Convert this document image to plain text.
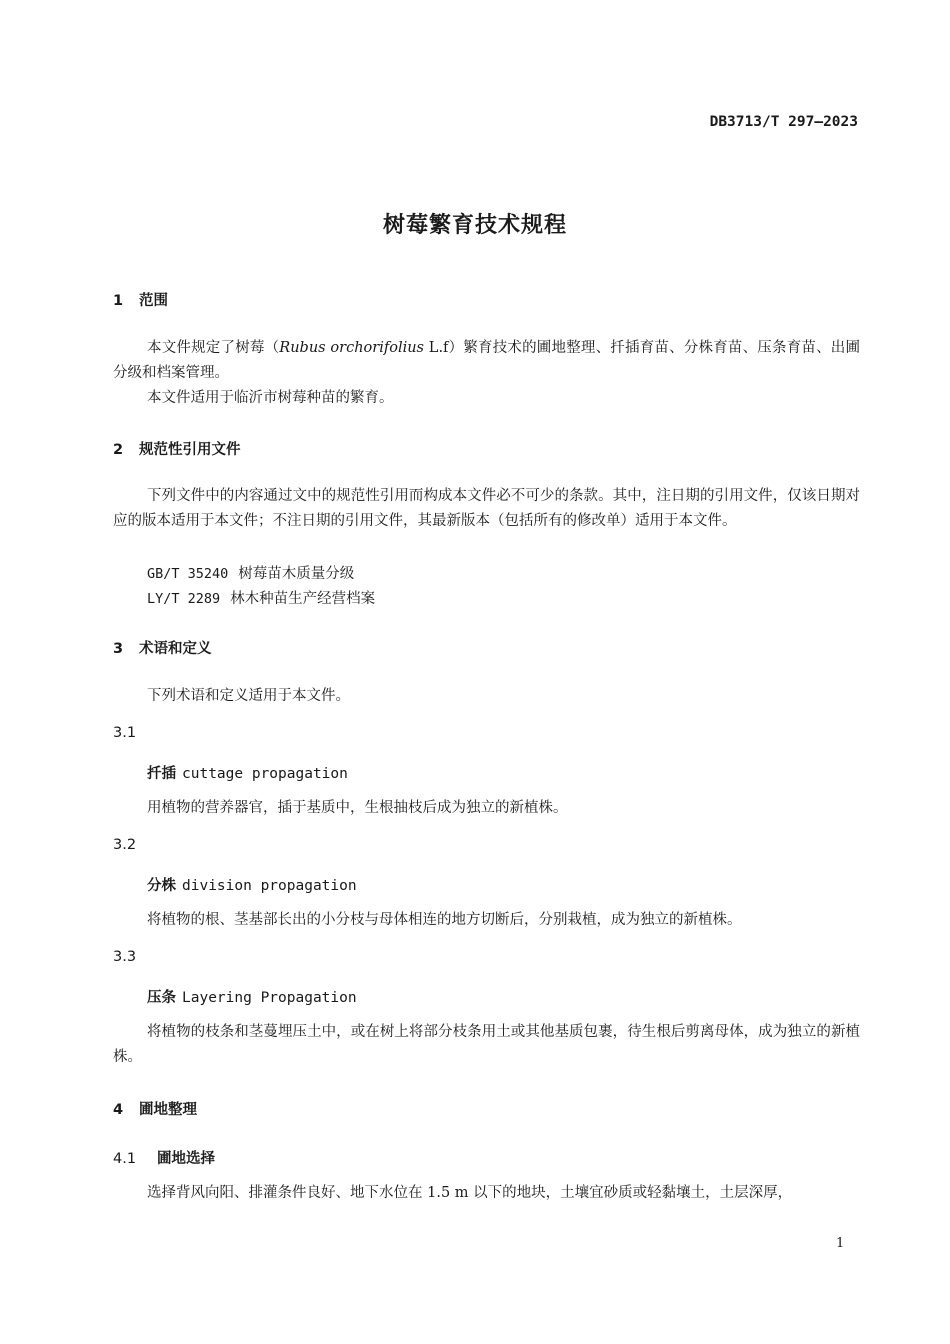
DB3713/T 297—2023
树莓繁育技术规程
1 范围
本文件规定了树莓（Rubus orchorifolius L.f）繁育技术的圃地整理、扦插育苗、分株育苗、压条育苗、出圃分级和档案管理。
本文件适用于临沂市树莓种苗的繁育。
2 规范性引用文件
下列文件中的内容通过文中的规范性引用而构成本文件必不可少的条款。其中，注日期的引用文件，仅该日期对应的版本适用于本文件；不注日期的引用文件，其最新版本（包括所有的修改单）适用于本文件。
GB/T 35240 树莓苗木质量分级
LY/T 2289 林木种苗生产经营档案
3 术语和定义
下列术语和定义适用于本文件。
3.1
扦插 cuttage propagation
用植物的营养器官，插于基质中，生根抽枝后成为独立的新植株。
3.2
分株 division propagation
将植物的根、茎基部长出的小分枝与母体相连的地方切断后，分别栽植，成为独立的新植株。
3.3
压条 Layering Propagation
将植物的枝条和茎蔓埋压土中，或在树上将部分枝条用土或其他基质包裹，待生根后剪离母体，成为独立的新植株。
4 圃地整理
4.1 圃地选择
选择背风向阳、排灌条件良好、地下水位在 1.5 m 以下的地块，土壤宜砂质或轻黏壤土，土层深厚，
1
